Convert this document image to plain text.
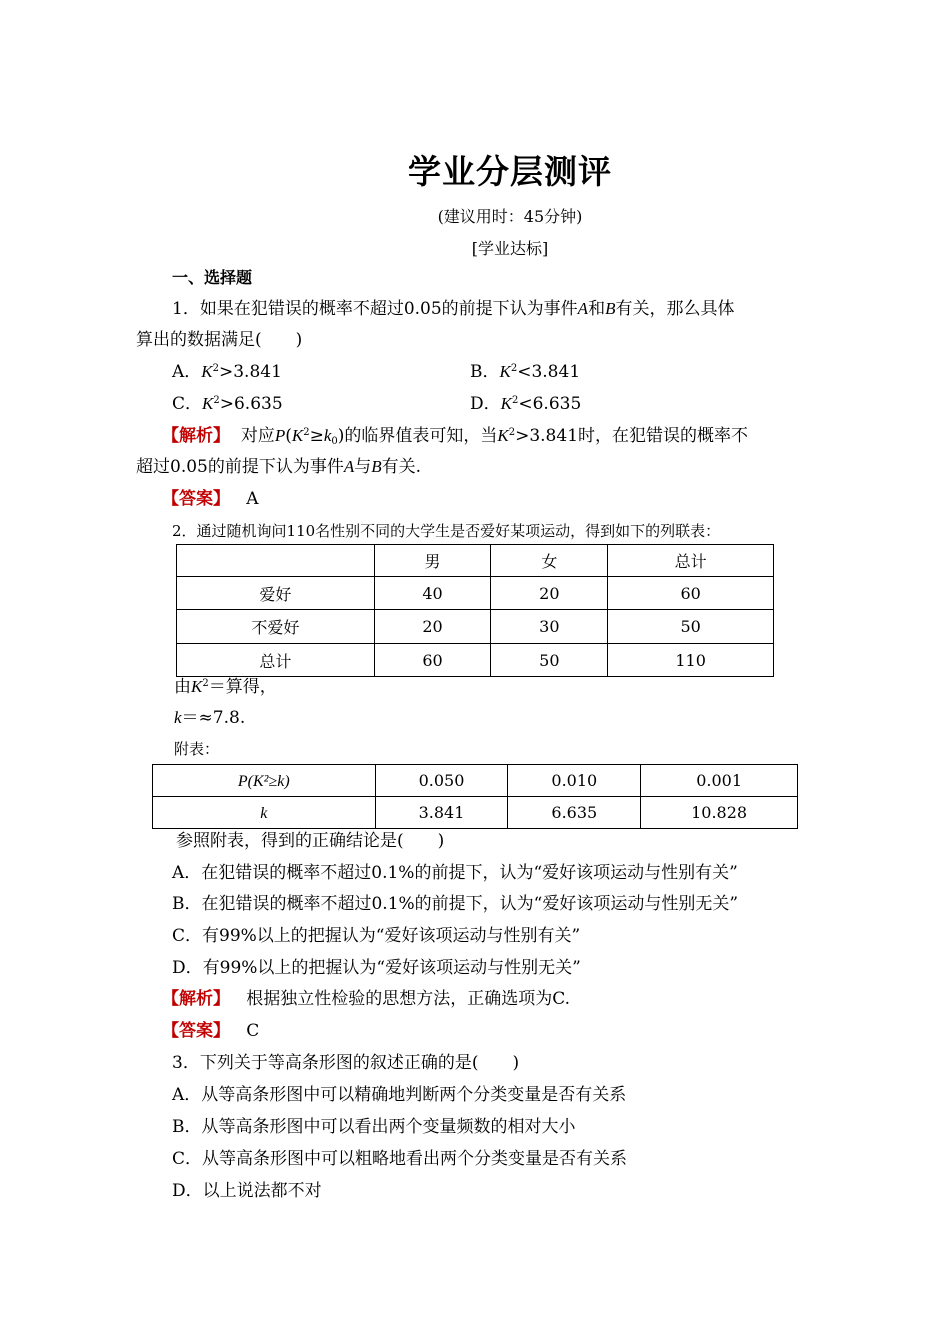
学业分层测评
(建议用时：45分钟)
[学业达标]
一、选择题
1．如果在犯错误的概率不超过0.05的前提下认为事件A和B有关，那么具体
算出的数据满足(　　)
A．$K^2>3.841$	B．$K^2<3.841$
C．$K^2>6.635$	D．$K^2<6.635$
【解析】 对应$P(K^2\ge k_0)$的临界值表可知，当$K^2>3.841$时，在犯错误的概率不
超过0.05的前提下认为事件A与B有关.
【答案】 A
2．通过随机询问110名性别不同的大学生是否爱好某项运动，得到如下的列联表：
	男	女	总计
爱好	40	20	60
不爱好	20	30	50
总计	60	50	110
由$K^2=$算得，
k＝≈7.8.
附表：
P(K²≥k)	0.050	0.010	0.001
k	3.841	6.635	10.828
参照附表，得到的正确结论是(　　)
A．在犯错误的概率不超过0.1%的前提下，认为“爱好该项运动与性别有关”
B．在犯错误的概率不超过0.1%的前提下，认为“爱好该项运动与性别无关”
C．有99%以上的把握认为“爱好该项运动与性别有关”
D．有99%以上的把握认为“爱好该项运动与性别无关”
【解析】 根据独立性检验的思想方法，正确选项为C.
【答案】 C
3．下列关于等高条形图的叙述正确的是(　　)
A．从等高条形图中可以精确地判断两个分类变量是否有关系
B．从等高条形图中可以看出两个变量频数的相对大小
C．从等高条形图中可以粗略地看出两个分类变量是否有关系
D．以上说法都不对
